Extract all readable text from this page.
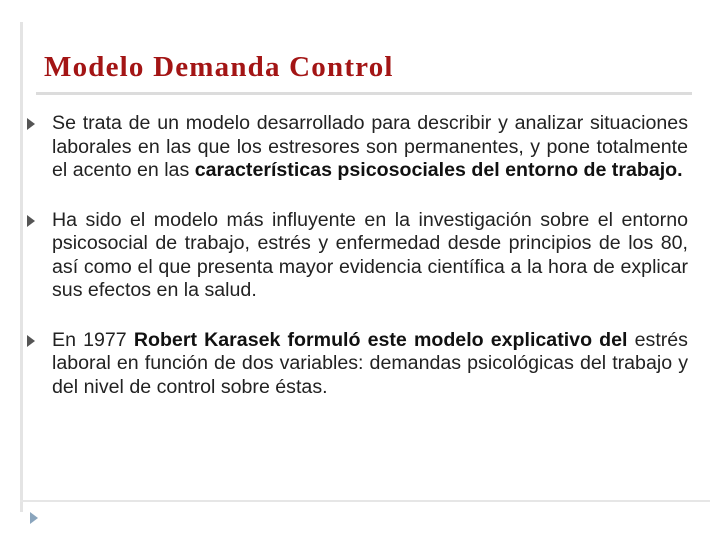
Modelo Demanda Control
Se trata de un modelo desarrollado para describir y analizar situaciones laborales en las que los estresores son permanentes, y pone totalmente el acento en las características psicosociales del entorno de trabajo.
Ha sido el modelo más influyente en la investigación sobre el entorno psicosocial de trabajo, estrés y enfermedad desde principios de los 80, así como el que presenta mayor evidencia científica a la hora de explicar sus efectos en la salud.
En 1977 Robert Karasek formuló este modelo explicativo del estrés laboral en función de dos variables: demandas psicológicas del trabajo y del nivel de control sobre éstas.
